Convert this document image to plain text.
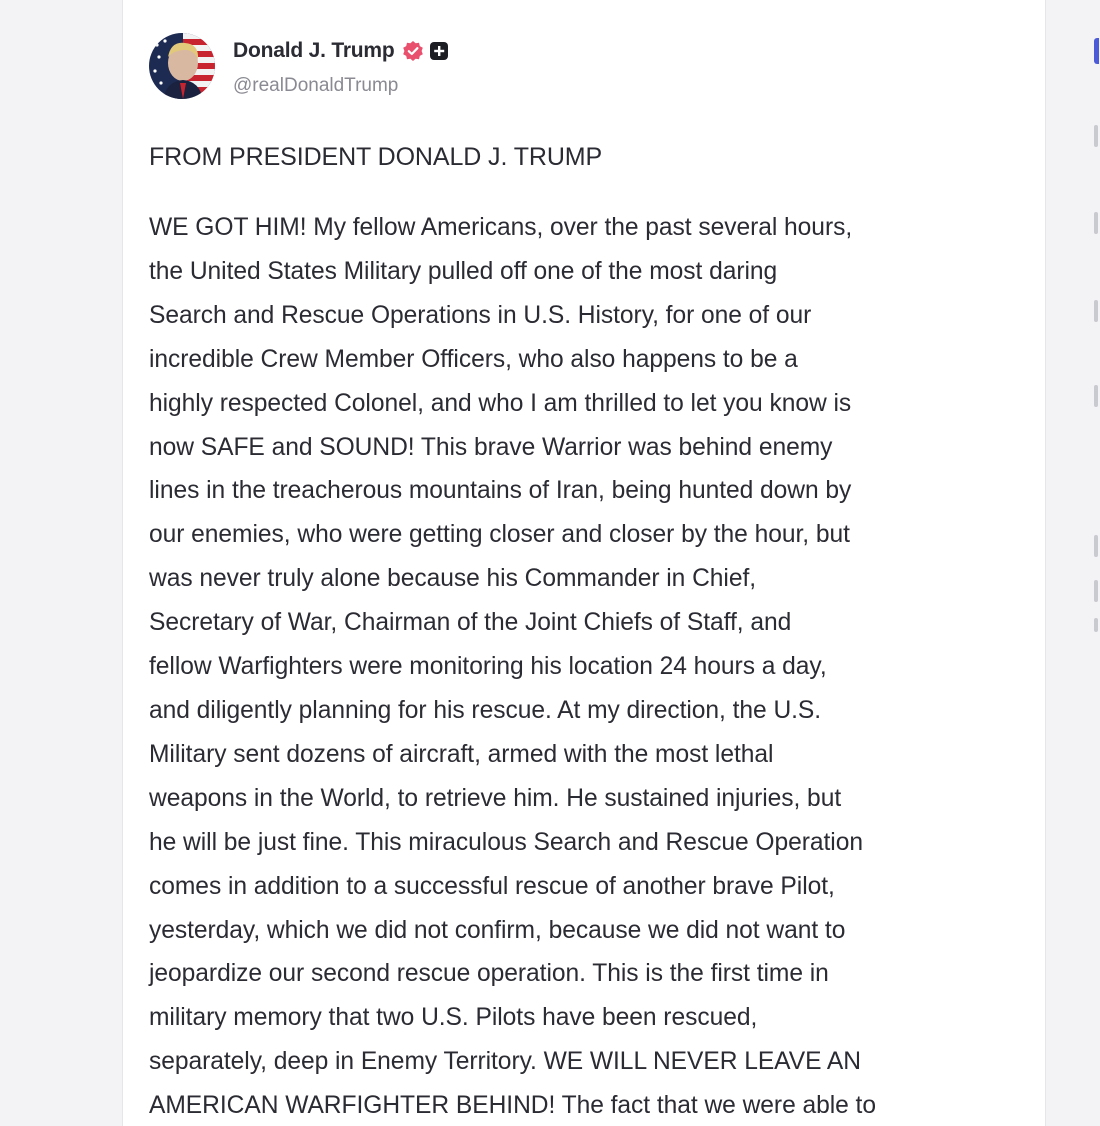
Donald J. Trump
@realDonaldTrump
FROM PRESIDENT DONALD J. TRUMP
WE GOT HIM! My fellow Americans, over the past several hours,
the United States Military pulled off one of the most daring
Search and Rescue Operations in U.S. History, for one of our
incredible Crew Member Officers, who also happens to be a
highly respected Colonel, and who I am thrilled to let you know is
now SAFE and SOUND! This brave Warrior was behind enemy
lines in the treacherous mountains of Iran, being hunted down by
our enemies, who were getting closer and closer by the hour, but
was never truly alone because his Commander in Chief,
Secretary of War, Chairman of the Joint Chiefs of Staff, and
fellow Warfighters were monitoring his location 24 hours a day,
and diligently planning for his rescue. At my direction, the U.S.
Military sent dozens of aircraft, armed with the most lethal
weapons in the World, to retrieve him. He sustained injuries, but
he will be just fine. This miraculous Search and Rescue Operation
comes in addition to a successful rescue of another brave Pilot,
yesterday, which we did not confirm, because we did not want to
jeopardize our second rescue operation. This is the first time in
military memory that two U.S. Pilots have been rescued,
separately, deep in Enemy Territory. WE WILL NEVER LEAVE AN
AMERICAN WARFIGHTER BEHIND! The fact that we were able to
